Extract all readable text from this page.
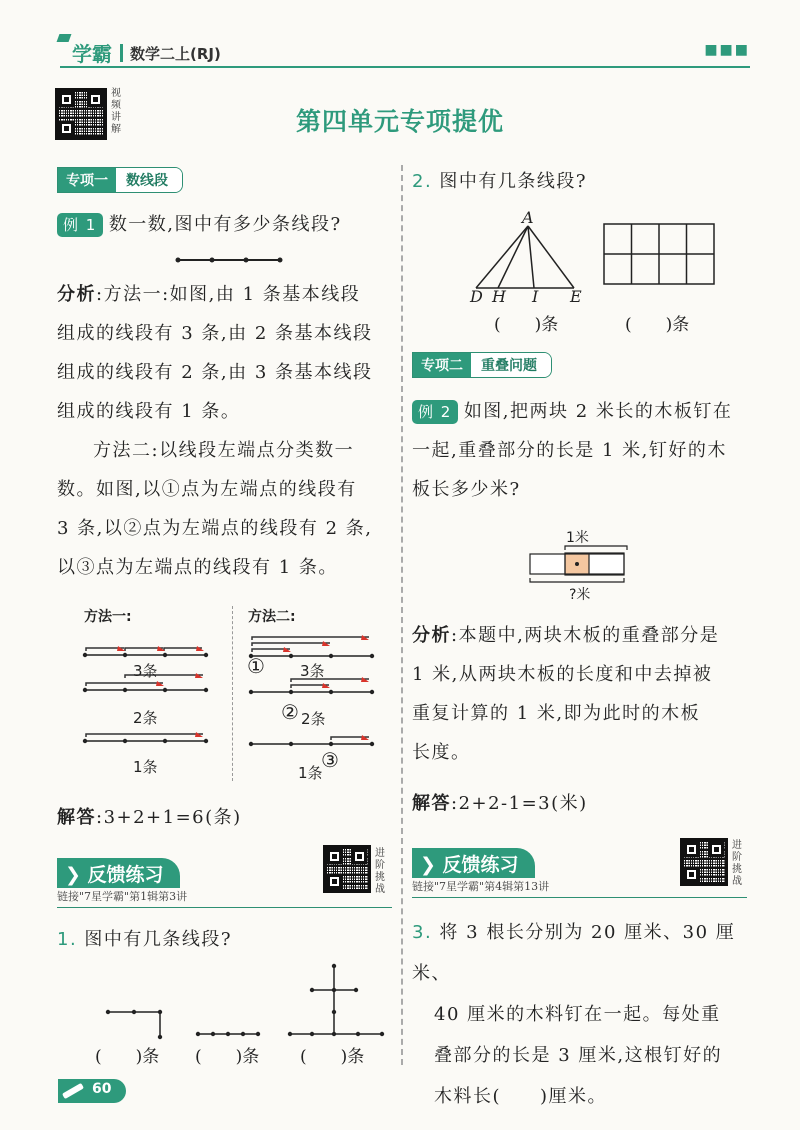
学霸 数学二上(RJ)	■■■
视频讲解	第四单元专项提优
专项一	数线段
例 1 数一数,图中有多少条线段?
分析:方法一:如图,由 1 条基本线段
组成的线段有 3 条,由 2 条基本线段
组成的线段有 2 条,由 3 条基本线段
组成的线段有 1 条。
方法二:以线段左端点分类数一
数。如图,以①点为左端点的线段有
3 条,以②点为左端点的线段有 2 条,
以③点为左端点的线段有 1 条。
方法一:	方法二:
3条
2条
1条
①
②
③
3条
2条
1条
解答:3+2+1=6(条)
❯ 反馈练习
链接"7星学霸"第1辑第3讲
进阶挑战
1. 图中有几条线段?
(　　)条 (　　)条 (　　)条
2. 图中有几条线段?
A
D H I E
(　　)条	(　　)条
专项二	重叠问题
例 2 如图,把两块 2 米长的木板钉在
一起,重叠部分的长是 1 米,钉好的木
板长多少米?
1米
?米
分析:本题中,两块木板的重叠部分是
1 米,从两块木板的长度和中去掉被
重复计算的 1 米,即为此时的木板
长度。
解答:2+2-1=3(米)
❯ 反馈练习
链接"7星学霸"第4辑第13讲
进阶挑战
3. 将 3 根长分别为 20 厘米、30 厘米、
40 厘米的木料钉在一起。每处重
叠部分的长是 3 厘米,这根钉好的
木料长(　　)厘米。
60
